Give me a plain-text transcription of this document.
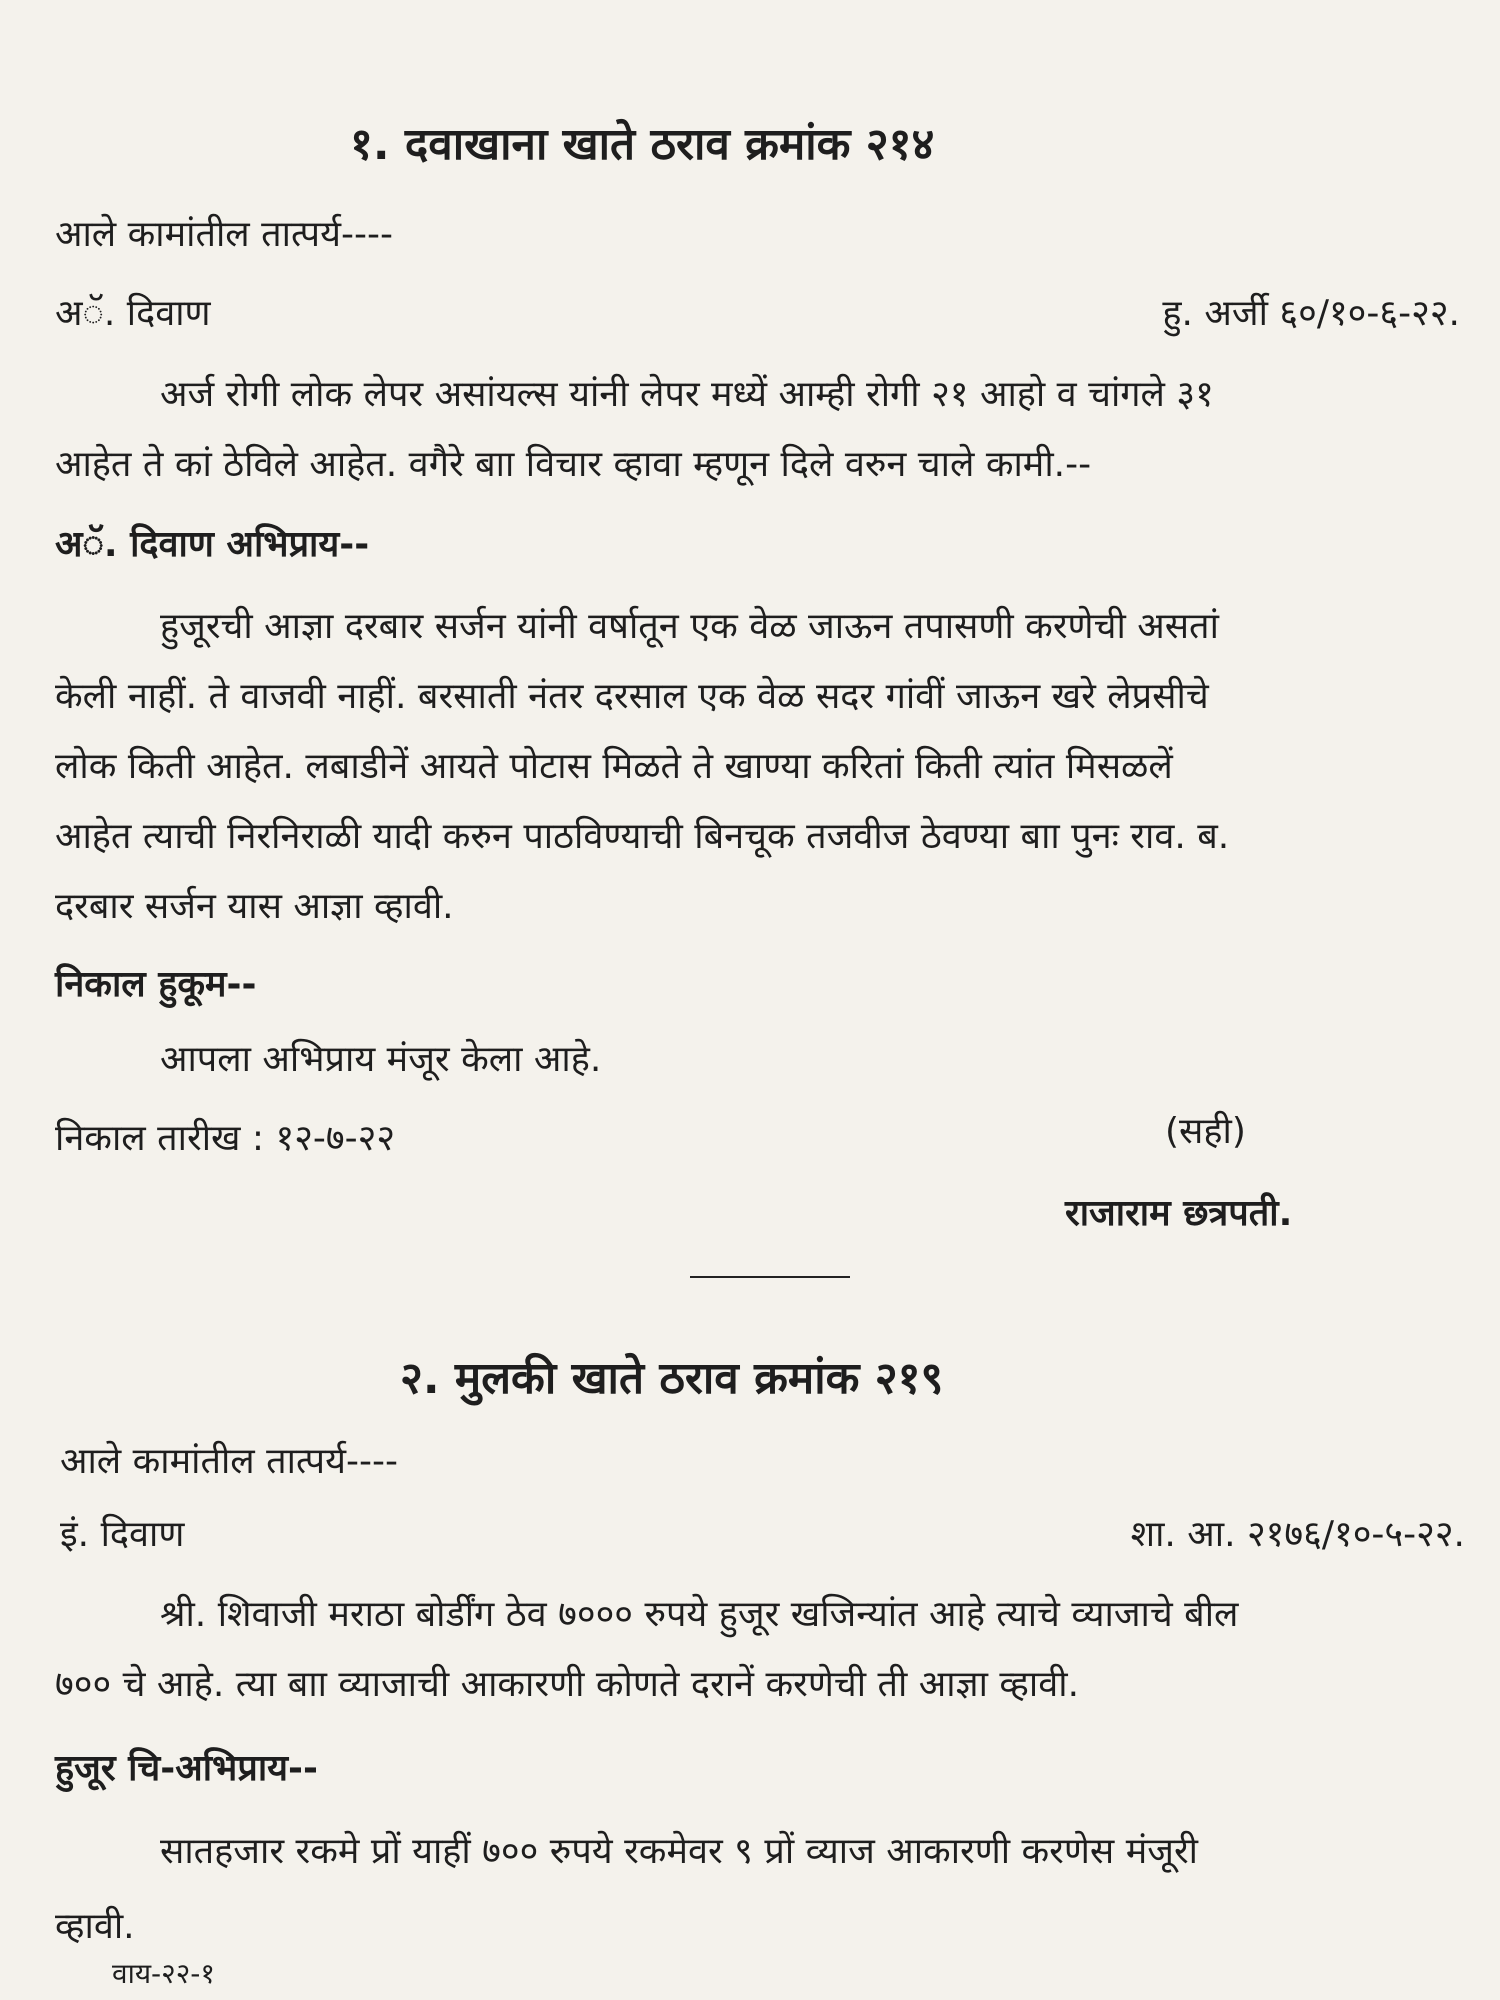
१. दवाखाना खाते ठराव क्रमांक २१४
आले कामांतील तात्पर्य----
अॅ. दिवाण	हु. अर्जी ६०/१०-६-२२.
अर्ज रोगी लोक लेपर असांयल्स यांनी लेपर मध्यें आम्ही रोगी २१ आहो व चांगले ३१
आहेत ते कां ठेविले आहेत. वगैरे बाा विचार व्हावा म्हणून दिले वरुन चाले कामी.--
अॅ. दिवाण अभिप्राय--
हुजूरची आज्ञा दरबार सर्जन यांनी वर्षातून एक वेळ जाऊन तपासणी करणेची असतां
केली नाहीं. ते वाजवी नाहीं. बरसाती नंतर दरसाल एक वेळ सदर गांवीं जाऊन खरे लेप्रसीचे
लोक किती आहेत. लबाडीनें आयते पोटास मिळते ते खाण्या करितां किती त्यांत मिसळलें
आहेत त्याची निरनिराळी यादी करुन पाठविण्याची बिनचूक तजवीज ठेवण्या बाा पुनः राव. ब.
दरबार सर्जन यास आज्ञा व्हावी.
निकाल हुकूम--
आपला अभिप्राय मंजूर केला आहे.
निकाल तारीख : १२-७-२२	(सही)
राजाराम छत्रपती.
२. मुलकी खाते ठराव क्रमांक २१९
आले कामांतील तात्पर्य----
इं. दिवाण	शा. आ. २१७६/१०-५-२२.
श्री. शिवाजी मराठा बोर्डींग ठेव ७००० रुपये हुजूर खजिन्यांत आहे त्याचे व्याजाचे बील
७०० चे आहे. त्या बाा व्याजाची आकारणी कोणते दरानें करणेची ती आज्ञा व्हावी.
हुजूर चि-अभिप्राय--
सातहजार रकमे प्रों याहीं ७०० रुपये रकमेवर ९ प्रों व्याज आकारणी करणेस मंजूरी
व्हावी.
वाय-२२-१
